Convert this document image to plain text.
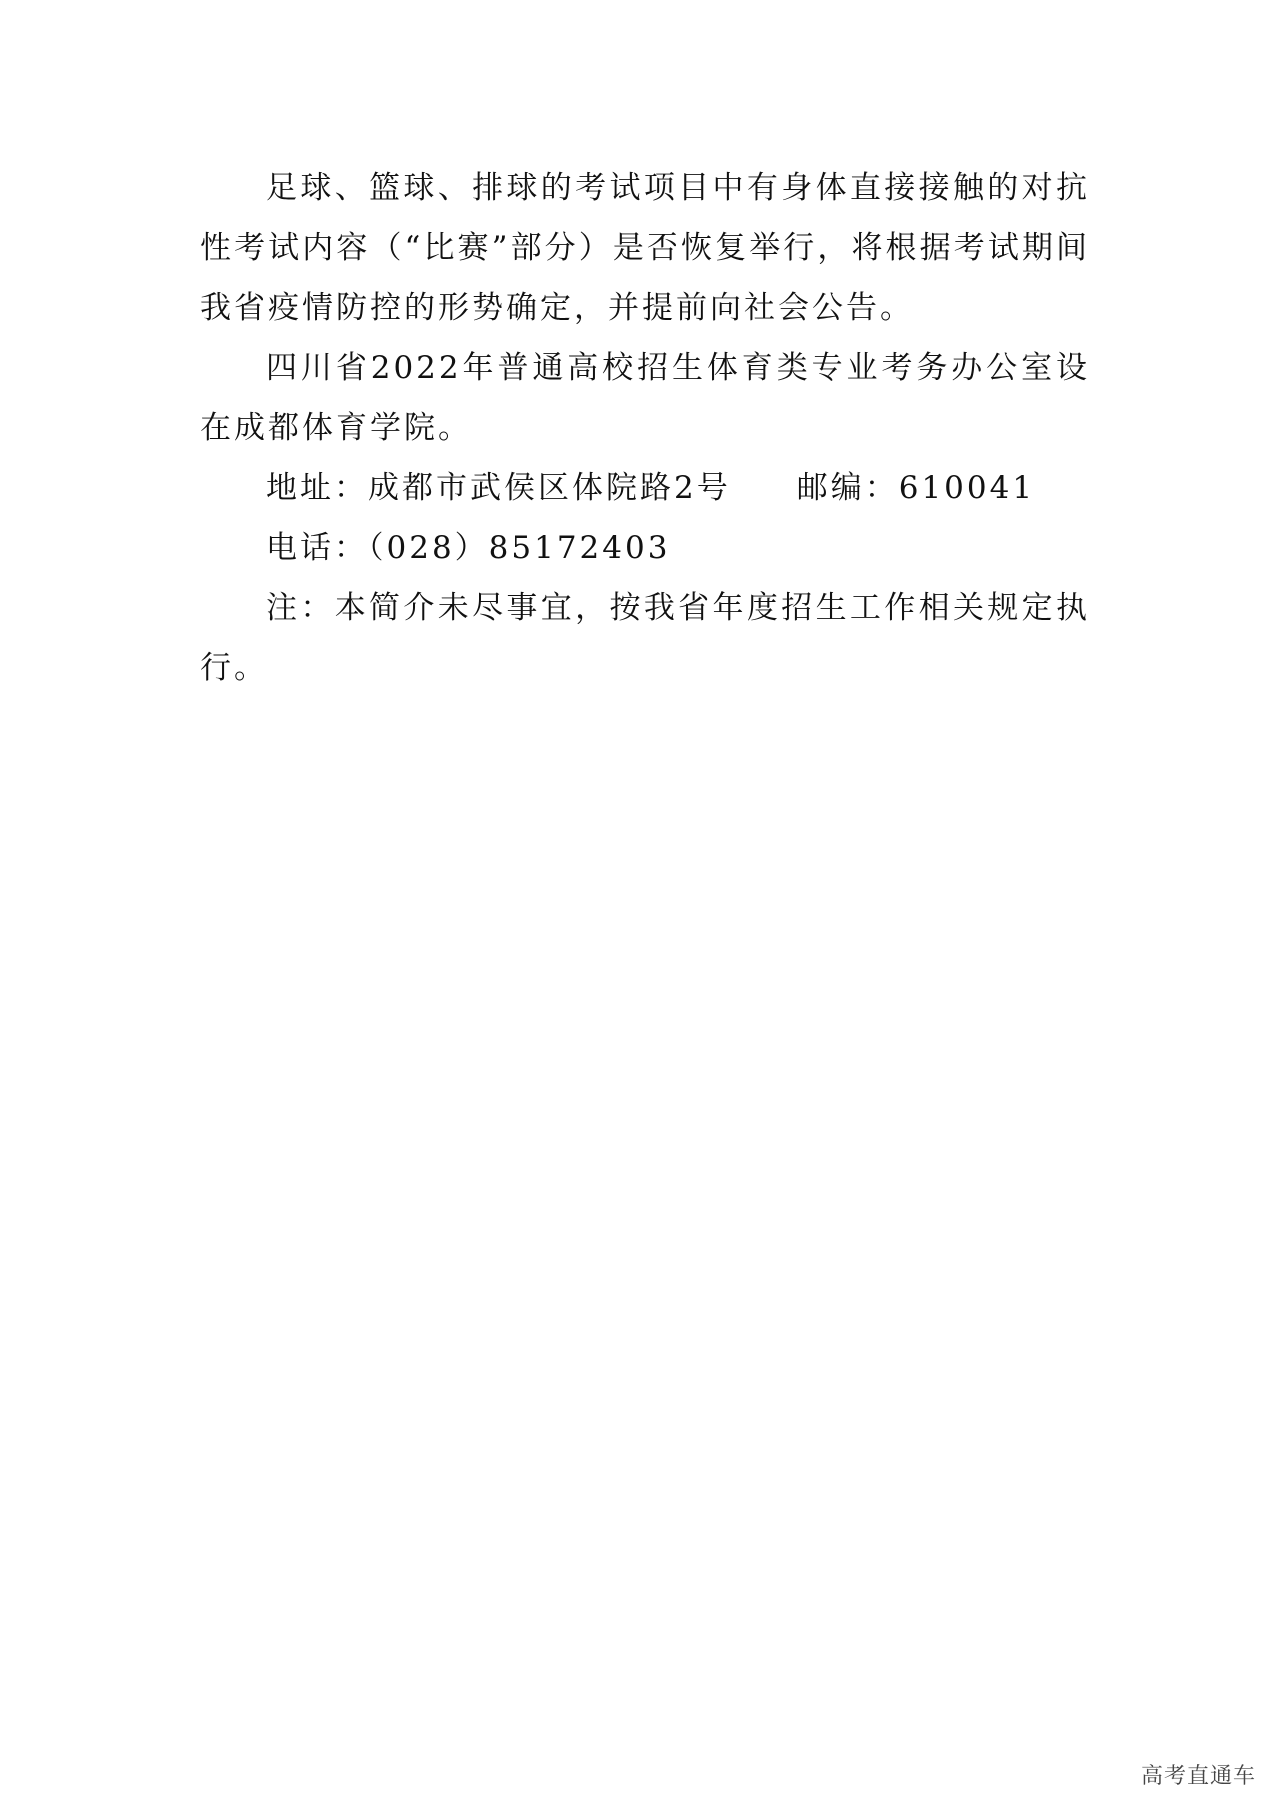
足球、篮球、排球的考试项目中有身体直接接触的对抗性考试内容（“比赛”部分）是否恢复举行，将根据考试期间我省疫情防控的形势确定，并提前向社会公告。

四川省2022年普通高校招生体育类专业考务办公室设在成都体育学院。

地址：成都市武侯区体院路2号 邮编：610041

电话：（028）85172403

注：本简介未尽事宜，按我省年度招生工作相关规定执行。

高考直通车
